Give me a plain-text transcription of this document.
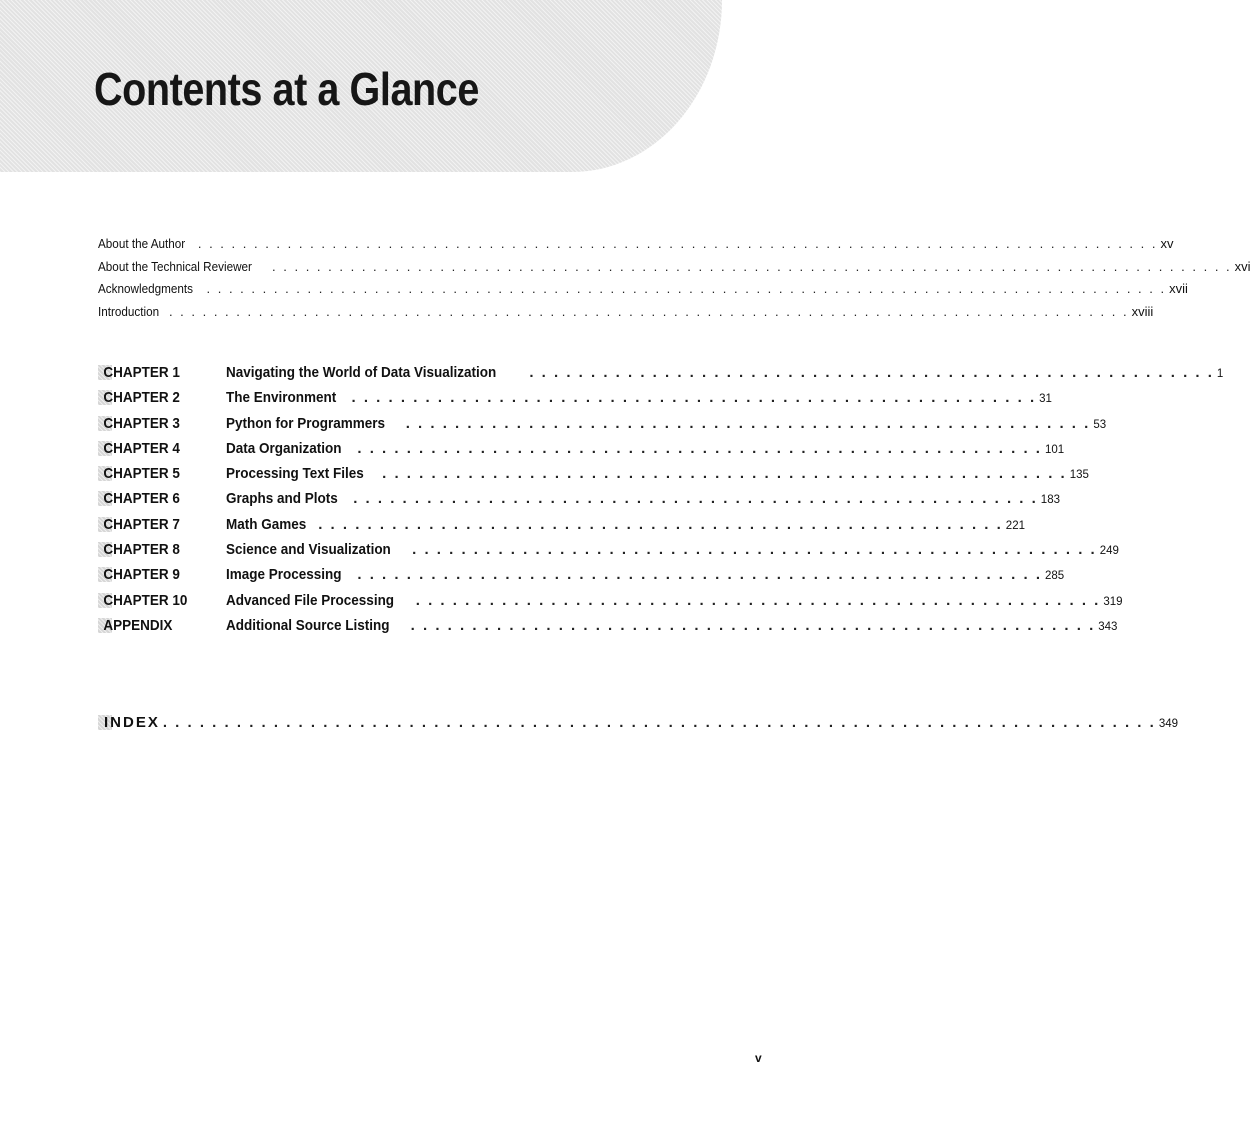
Contents at a Glance
About the Author . . . . . . . . . . . . . . . . . . . . . . . . . . . . . . . . . . . . . . . . . . . . . . . . . . . . . . . . . . . . . . . . . . . . . . . . . . . . . . . . . . . . . . xv
About the Technical Reviewer . . . . . . . . . . . . . . . . . . . . . . . . . . . . . . . . . . . . . . . . . . . . . . . . . . . . . . . . . . . . . . . . . . . . . . . . . . . . . . . . . . . . . . xvi
Acknowledgments . . . . . . . . . . . . . . . . . . . . . . . . . . . . . . . . . . . . . . . . . . . . . . . . . . . . . . . . . . . . . . . . . . . . . . . . . . . . . . . . . . . . . . xvii
Introduction . . . . . . . . . . . . . . . . . . . . . . . . . . . . . . . . . . . . . . . . . . . . . . . . . . . . . . . . . . . . . . . . . . . . . . . . . . . . . . . . . . . . . . xviii
CHAPTER 1	Navigating the World of Data Visualization . . . . . . . . . . . . . . . . . . . . . . . . . . . . . . . . . . . . . . . . . . . . . . . . . . . . . . . . 1
CHAPTER 2	The Environment . . . . . . . . . . . . . . . . . . . . . . . . . . . . . . . . . . . . . . . . . . . . . . . . . . . . . . . . 31
CHAPTER 3	Python for Programmers . . . . . . . . . . . . . . . . . . . . . . . . . . . . . . . . . . . . . . . . . . . . . . . . . . . . . . . . 53
CHAPTER 4	Data Organization . . . . . . . . . . . . . . . . . . . . . . . . . . . . . . . . . . . . . . . . . . . . . . . . . . . . . . . . 101
CHAPTER 5	Processing Text Files . . . . . . . . . . . . . . . . . . . . . . . . . . . . . . . . . . . . . . . . . . . . . . . . . . . . . . . . 135
CHAPTER 6	Graphs and Plots . . . . . . . . . . . . . . . . . . . . . . . . . . . . . . . . . . . . . . . . . . . . . . . . . . . . . . . . 183
CHAPTER 7	Math Games . . . . . . . . . . . . . . . . . . . . . . . . . . . . . . . . . . . . . . . . . . . . . . . . . . . . . . . . 221
CHAPTER 8	Science and Visualization . . . . . . . . . . . . . . . . . . . . . . . . . . . . . . . . . . . . . . . . . . . . . . . . . . . . . . . . 249
CHAPTER 9	Image Processing . . . . . . . . . . . . . . . . . . . . . . . . . . . . . . . . . . . . . . . . . . . . . . . . . . . . . . . . 285
CHAPTER 10	Advanced File Processing . . . . . . . . . . . . . . . . . . . . . . . . . . . . . . . . . . . . . . . . . . . . . . . . . . . . . . . . 319
APPENDIX	Additional Source Listing . . . . . . . . . . . . . . . . . . . . . . . . . . . . . . . . . . . . . . . . . . . . . . . . . . . . . . . . 343
INDEX . . . . . . . . . . . . . . . . . . . . . . . . . . . . . . . . . . . . . . . . . . . . . . . . . . . . . . . . . . . . . . . . . . . . . . . . . . . . . . . . . 349
v
